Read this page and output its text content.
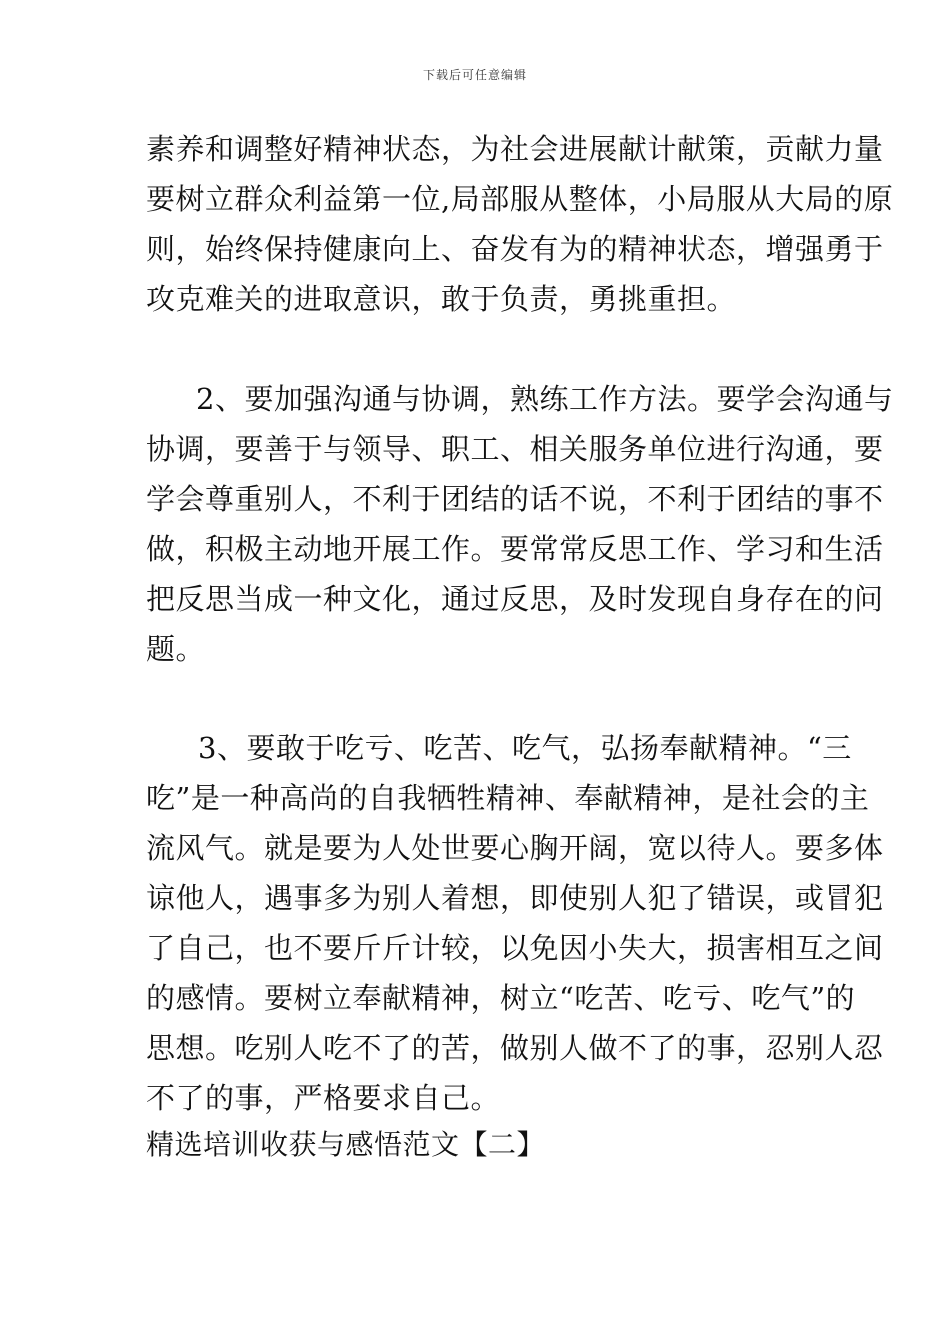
下载后可任意编辑
素养和调整好精神状态，为社会进展献计献策，贡献力量
要树立群众利益第一位,局部服从整体，小局服从大局的原
则，始终保持健康向上、奋发有为的精神状态，增强勇于
攻克难关的进取意识，敢于负责，勇挑重担。
2、要加强沟通与协调，熟练工作方法。要学会沟通与
协调，要善于与领导、职工、相关服务单位进行沟通，要
学会尊重别人，不利于团结的话不说，不利于团结的事不
做，积极主动地开展工作。要常常反思工作、学习和生活
把反思当成一种文化，通过反思，及时发现自身存在的问
题。
3、要敢于吃亏、吃苦、吃气，弘扬奉献精神。“三
吃”是一种高尚的自我牺牲精神、奉献精神，是社会的主
流风气。就是要为人处世要心胸开阔，宽以待人。要多体
谅他人，遇事多为别人着想，即使别人犯了错误，或冒犯
了自己，也不要斤斤计较，以免因小失大，损害相互之间
的感情。要树立奉献精神，树立“吃苦、吃亏、吃气”的
思想。吃别人吃不了的苦，做别人做不了的事，忍别人忍
不了的事，严格要求自己。
精选培训收获与感悟范文【二】
